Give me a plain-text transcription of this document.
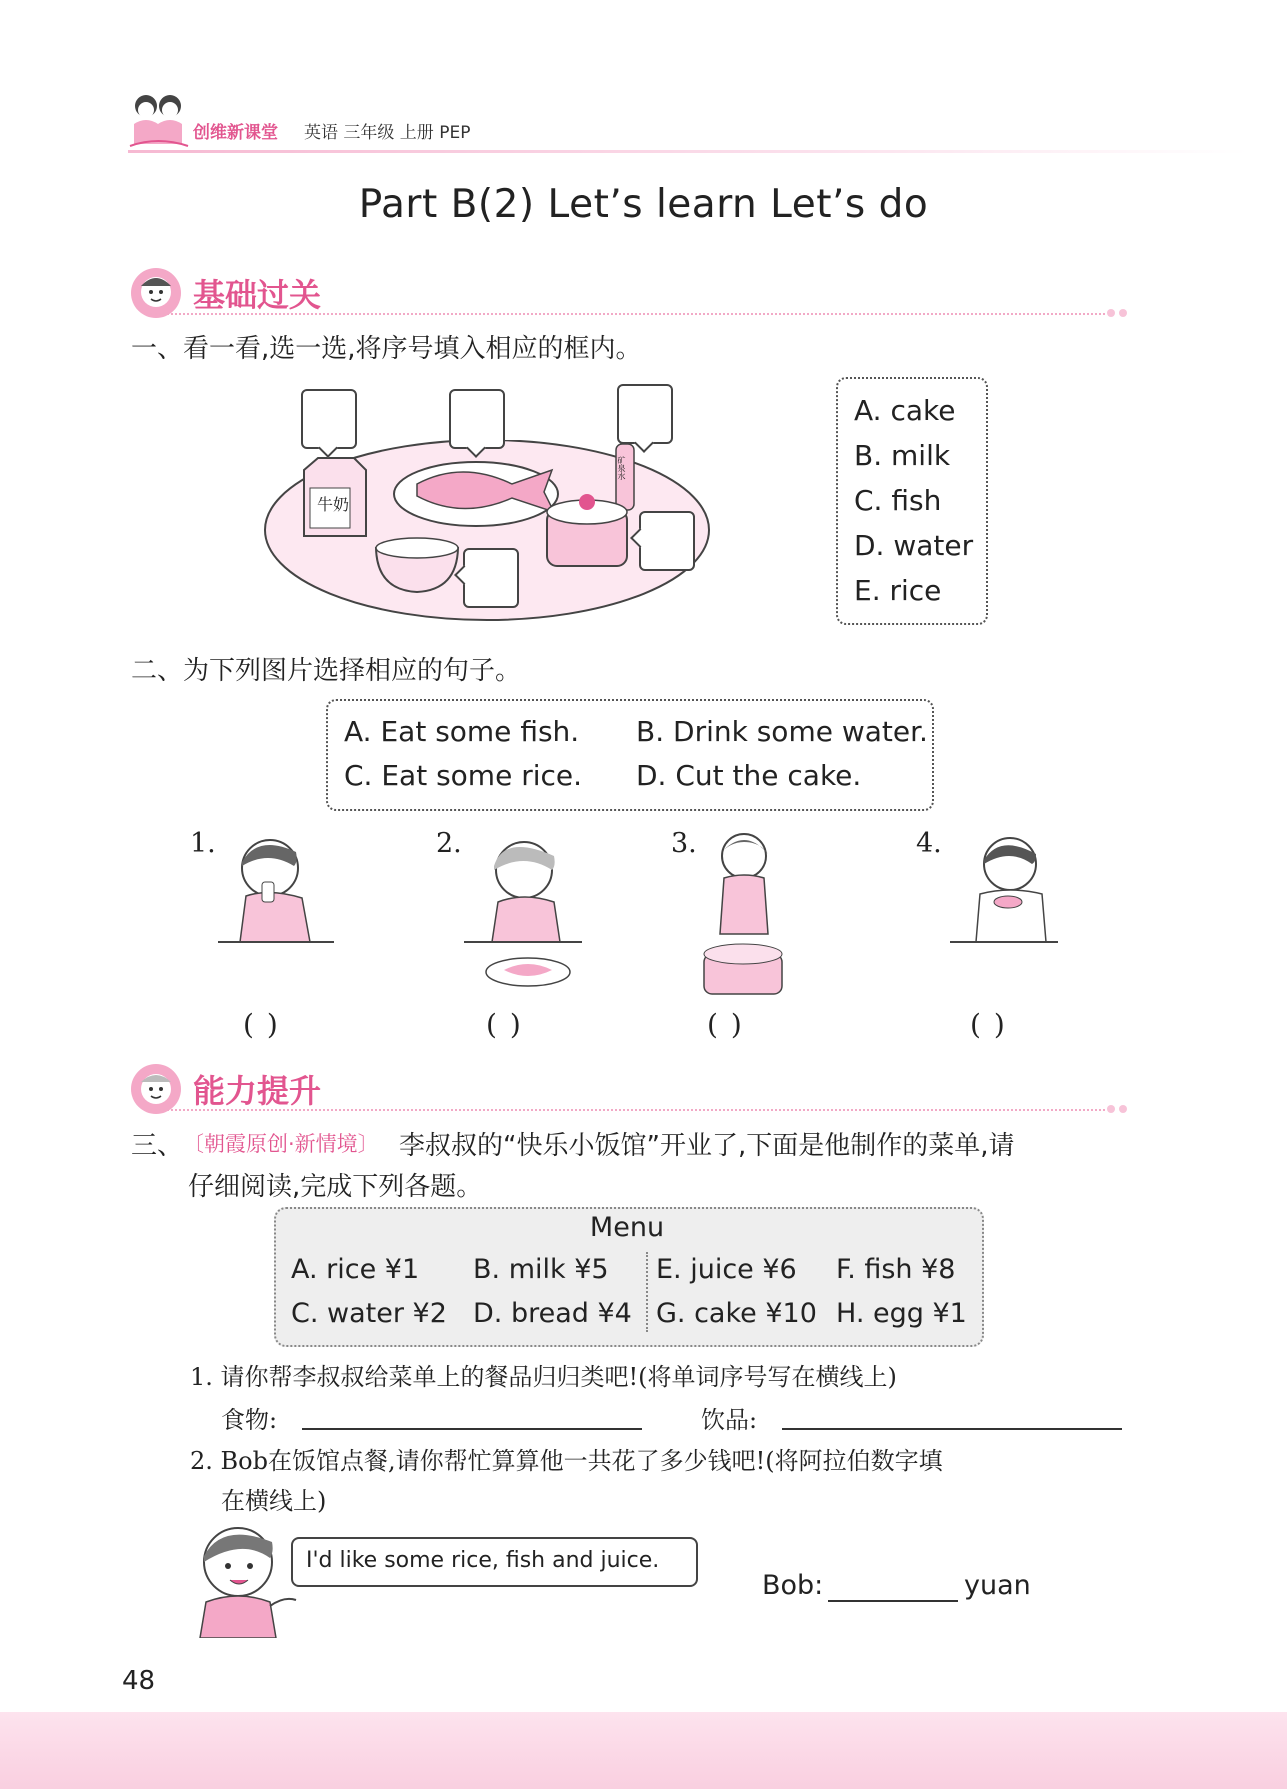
创维新课堂 英语 三年级 上册 PEP
Part B(2) Let’s learn Let’s do
基础过关
一、看一看,选一选,将序号填入相应的框内。
牛奶
矿泉水
A. cake
B. milk
C. fish
D. water
E. rice
二、为下列图片选择相应的句子。
A. Eat some fish. B. Drink some water.
C. Eat some rice. D. Cut the cake.
1.	2.	3.	4.
( )	( )	( )	( )
能力提升
三、 〔朝霞原创·新情境〕 李叔叔的“快乐小饭馆”开业了,下面是他制作的菜单,请
仔细阅读,完成下列各题。
Menu
A. rice ¥1 B. milk ¥5 E. juice ¥6 F. fish ¥8
C. water ¥2 D. bread ¥4 G. cake ¥10 H. egg ¥1
1. 请你帮李叔叔给菜单上的餐品归归类吧!(将单词序号写在横线上)
食物:	饮品:
2. Bob在饭馆点餐,请你帮忙算算他一共花了多少钱吧!(将阿拉伯数字填
在横线上)
I'd like some rice, fish and juice.
Bob:	yuan
48
